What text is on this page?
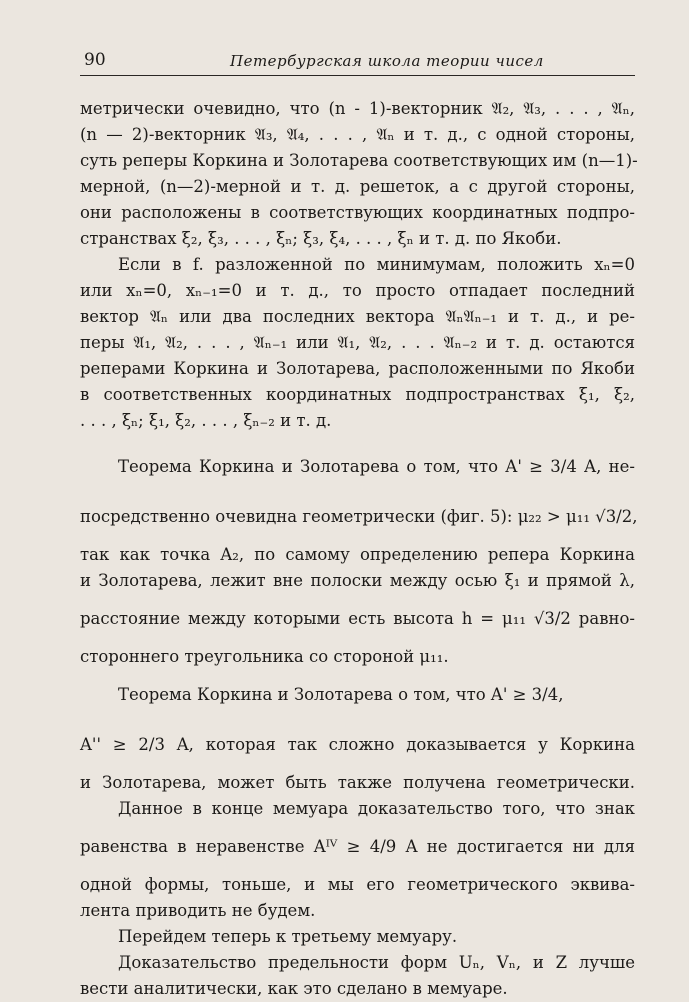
90	Петербургская школа теории чисел
метрически очевидно, что (n - 1)-векторник 𝔄₂, 𝔄₃, . . . , 𝔄ₙ,
(n — 2)-векторник 𝔄₃, 𝔄₄, . . . , 𝔄ₙ и т. д., с одной стороны,
суть реперы Коркина и Золотарева соответствующих им (n—1)-
мерной, (n—2)-мерной и т. д. решеток, а с другой стороны,
они расположены в соответствующих координатных подпро-
странствах ξ₂, ξ₃, . . . , ξₙ; ξ₃, ξ₄, . . . , ξₙ и т. д. по Якоби.
Если в f. разложенной по минимумам, положить xₙ=0
или xₙ=0, xₙ₋₁=0 и т. д., то просто отпадает последний
вектор 𝔄ₙ или два последних вектора 𝔄ₙ𝔄ₙ₋₁ и т. д., и ре-
перы 𝔄₁, 𝔄₂, . . . , 𝔄ₙ₋₁ или 𝔄₁, 𝔄₂, . . . 𝔄ₙ₋₂ и т. д. остаются
реперами Коркина и Золотарева, расположенными по Якоби
в соответственных координатных подпространствах ξ₁, ξ₂,
. . . , ξₙ; ξ₁, ξ₂, . . . , ξₙ₋₂ и т. д.
Теорема Коркина и Золотарева о том, что A' ≥ 3/4 A, не-
посредственно очевидна геометрически (фиг. 5): μ₂₂ > μ₁₁ √3/2,
так как точка A₂, по самому определению репера Коркина
и Золотарева, лежит вне полоски между осью ξ₁ и прямой λ,
расстояние между которыми есть высота h = μ₁₁ √3/2 равно-
стороннего треугольника со стороной μ₁₁.
Теорема Коркина и Золотарева о том, что A' ≥ 3/4,
A'' ≥ 2/3 A, которая так сложно доказывается у Коркина
и Золотарева, может быть также получена геометрически.
Данное в конце мемуара доказательство того, что знак
равенства в неравенстве Aᴵⱽ ≥ 4/9 A не достигается ни для
одной формы, тоньше, и мы его геометрического эквива-
лента приводить не будем.
Перейдем теперь к третьему мемуару.
Доказательство предельности форм Uₙ, Vₙ, и Z лучше
вести аналитически, как это сделано в мемуаре.
